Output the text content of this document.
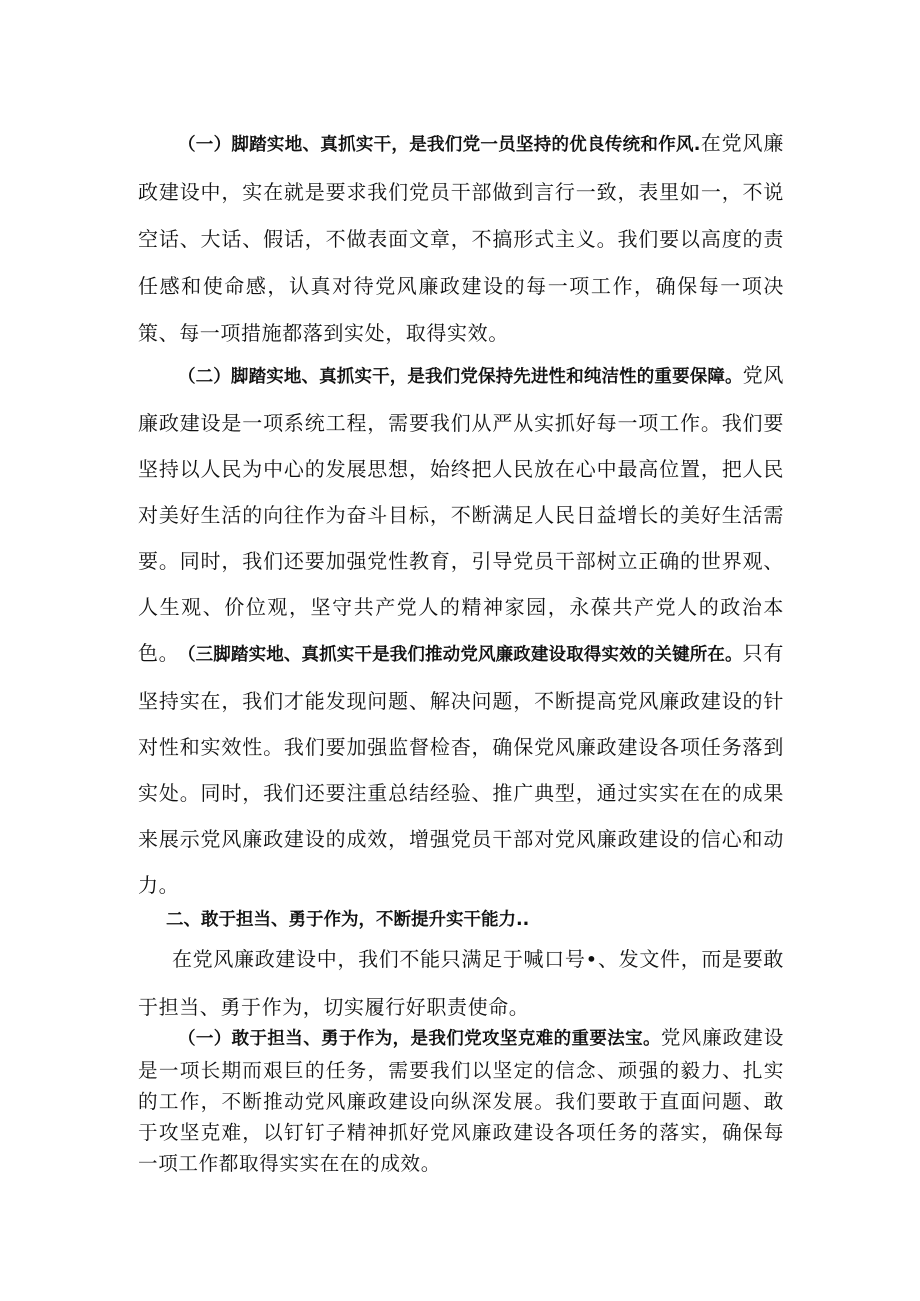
（一）脚踏实地、真抓实干，是我们党一员坚持的优良传统和作风.在党风廉政建设中，实在就是要求我们党员干部做到言行一致，表里如一，不说空话、大话、假话，不做表面文章，不搞形式主义。我们要以高度的责任感和使命感，认真对待党风廉政建设的每一项工作，确保每一项决策、每一项措施都落到实处，取得实效。

（二）脚踏实地、真抓实干，是我们党保持先进性和纯洁性的重要保障。党风廉政建设是一项系统工程，需要我们从严从实抓好每一项工作。我们要坚持以人民为中心的发展思想，始终把人民放在心中最高位置，把人民对美好生活的向往作为奋斗目标，不断满足人民日益增长的美好生活需要。同时，我们还要加强党性教育，引导党员干部树立正确的世界观、人生观、价位观，坚守共产党人的精神家园，永葆共产党人的政治本色。

（三脚踏实地、真抓实干是我们推动党风廉政建设取得实效的关键所在。只有坚持实在，我们才能发现问题、解决问题，不断提高党风廉政建设的针对性和实效性。我们要加强监督检杳，确保党风廉政建设各项任务落到实处。同时，我们还要注重总结经验、推广典型，通过实实在在的成果来展示党风廉政建设的成效，增强党员干部对党风廉政建设的信心和动力。

二、敢于担当、勇于作为，不断提升实干能力..

在党风廉政建设中，我们不能只满足于喊口号•、发文件，而是要敢于担当、勇于作为，切实履行好职责使命。

（一）敢于担当、勇于作为，是我们党攻坚克难的重要法宝。党风廉政建设是一项长期而艰巨的任务，需要我们以坚定的信念、顽强的毅力、扎实的工作，不断推动党风廉政建设向纵深发展。我们要敢于直面问题、敢于攻坚克难，以钉钉子精神抓好党风廉政建设各项任务的落实，确保每一项工作都取得实实在在的成效。
